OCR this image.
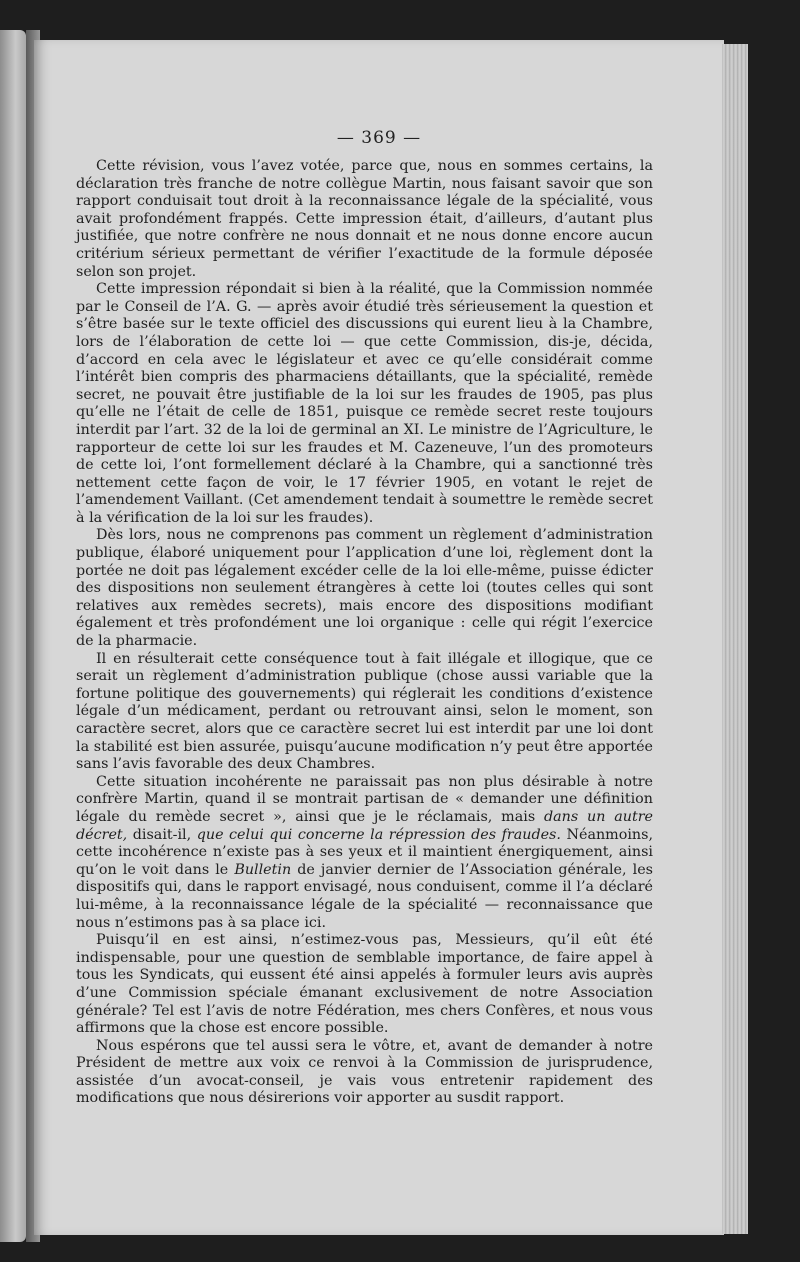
— 369 —

Cette révision, vous l’avez votée, parce que, nous en sommes certains, la déclaration très franche de notre collègue Martin, nous faisant savoir que son rapport conduisait tout droit à la reconnaissance légale de la spécialité, vous avait profondément frappés. Cette impression était, d’ailleurs, d’autant plus justifiée, que notre confrère ne nous donnait et ne nous donne encore aucun critérium sérieux permettant de vérifier l’exactitude de la formule déposée selon son projet.

Cette impression répondait si bien à la réalité, que la Commission nommée par le Conseil de l’A. G. — après avoir étudié très sérieusement la question et s’être basée sur le texte officiel des discussions qui eurent lieu à la Chambre, lors de l’élaboration de cette loi — que cette Commission, dis-je, décida, d’accord en cela avec le législateur et avec ce qu’elle considérait comme l’intérêt bien compris des pharmaciens détaillants, que la spécialité, remède secret, ne pouvait être justifiable de la loi sur les fraudes de 1905, pas plus qu’elle ne l’était de celle de 1851, puisque ce remède secret reste toujours interdit par l’art. 32 de la loi de germinal an XI. Le ministre de l’Agriculture, le rapporteur de cette loi sur les fraudes et M. Cazeneuve, l’un des promoteurs de cette loi, l’ont formellement déclaré à la Chambre, qui a sanctionné très nettement cette façon de voir, le 17 février 1905, en votant le rejet de l’amendement Vaillant. (Cet amendement tendait à soumettre le remède secret à la vérification de la loi sur les fraudes).

Dès lors, nous ne comprenons pas comment un règlement d’administration publique, élaboré uniquement pour l’application d’une loi, règlement dont la portée ne doit pas légalement excéder celle de la loi elle-même, puisse édicter des dispositions non seulement étrangères à cette loi (toutes celles qui sont relatives aux remèdes secrets), mais encore des dispositions modifiant également et très profondément une loi organique : celle qui régit l’exercice de la pharmacie.

Il en résulterait cette conséquence tout à fait illégale et illogique, que ce serait un règlement d’administration publique (chose aussi variable que la fortune politique des gouvernements) qui réglerait les conditions d’existence légale d’un médicament, perdant ou retrouvant ainsi, selon le moment, son caractère secret, alors que ce caractère secret lui est interdit par une loi dont la stabilité est bien assurée, puisqu’aucune modification n’y peut être apportée sans l’avis favorable des deux Chambres.

Cette situation incohérente ne paraissait pas non plus désirable à notre confrère Martin, quand il se montrait partisan de « demander une définition légale du remède secret », ainsi que je le réclamais, mais dans un autre décret, disait-il, que celui qui concerne la répression des fraudes. Néanmoins, cette incohérence n’existe pas à ses yeux et il maintient énergiquement, ainsi qu’on le voit dans le Bulletin de janvier dernier de l’Association générale, les dispositifs qui, dans le rapport envisagé, nous conduisent, comme il l’a déclaré lui-même, à la reconnaissance légale de la spécialité — reconnaissance que nous n’estimons pas à sa place ici.

Puisqu’il en est ainsi, n’estimez-vous pas, Messieurs, qu’il eût été indispensable, pour une question de semblable importance, de faire appel à tous les Syndicats, qui eussent été ainsi appelés à formuler leurs avis auprès d’une Commission spéciale émanant exclusivement de notre Association générale? Tel est l’avis de notre Fédération, mes chers Confères, et nous vous affirmons que la chose est encore possible.

Nous espérons que tel aussi sera le vôtre, et, avant de demander à notre Président de mettre aux voix ce renvoi à la Commission de jurisprudence, assistée d’un avocat-conseil, je vais vous entretenir rapidement des modifications que nous désirerions voir apporter au susdit rapport.
